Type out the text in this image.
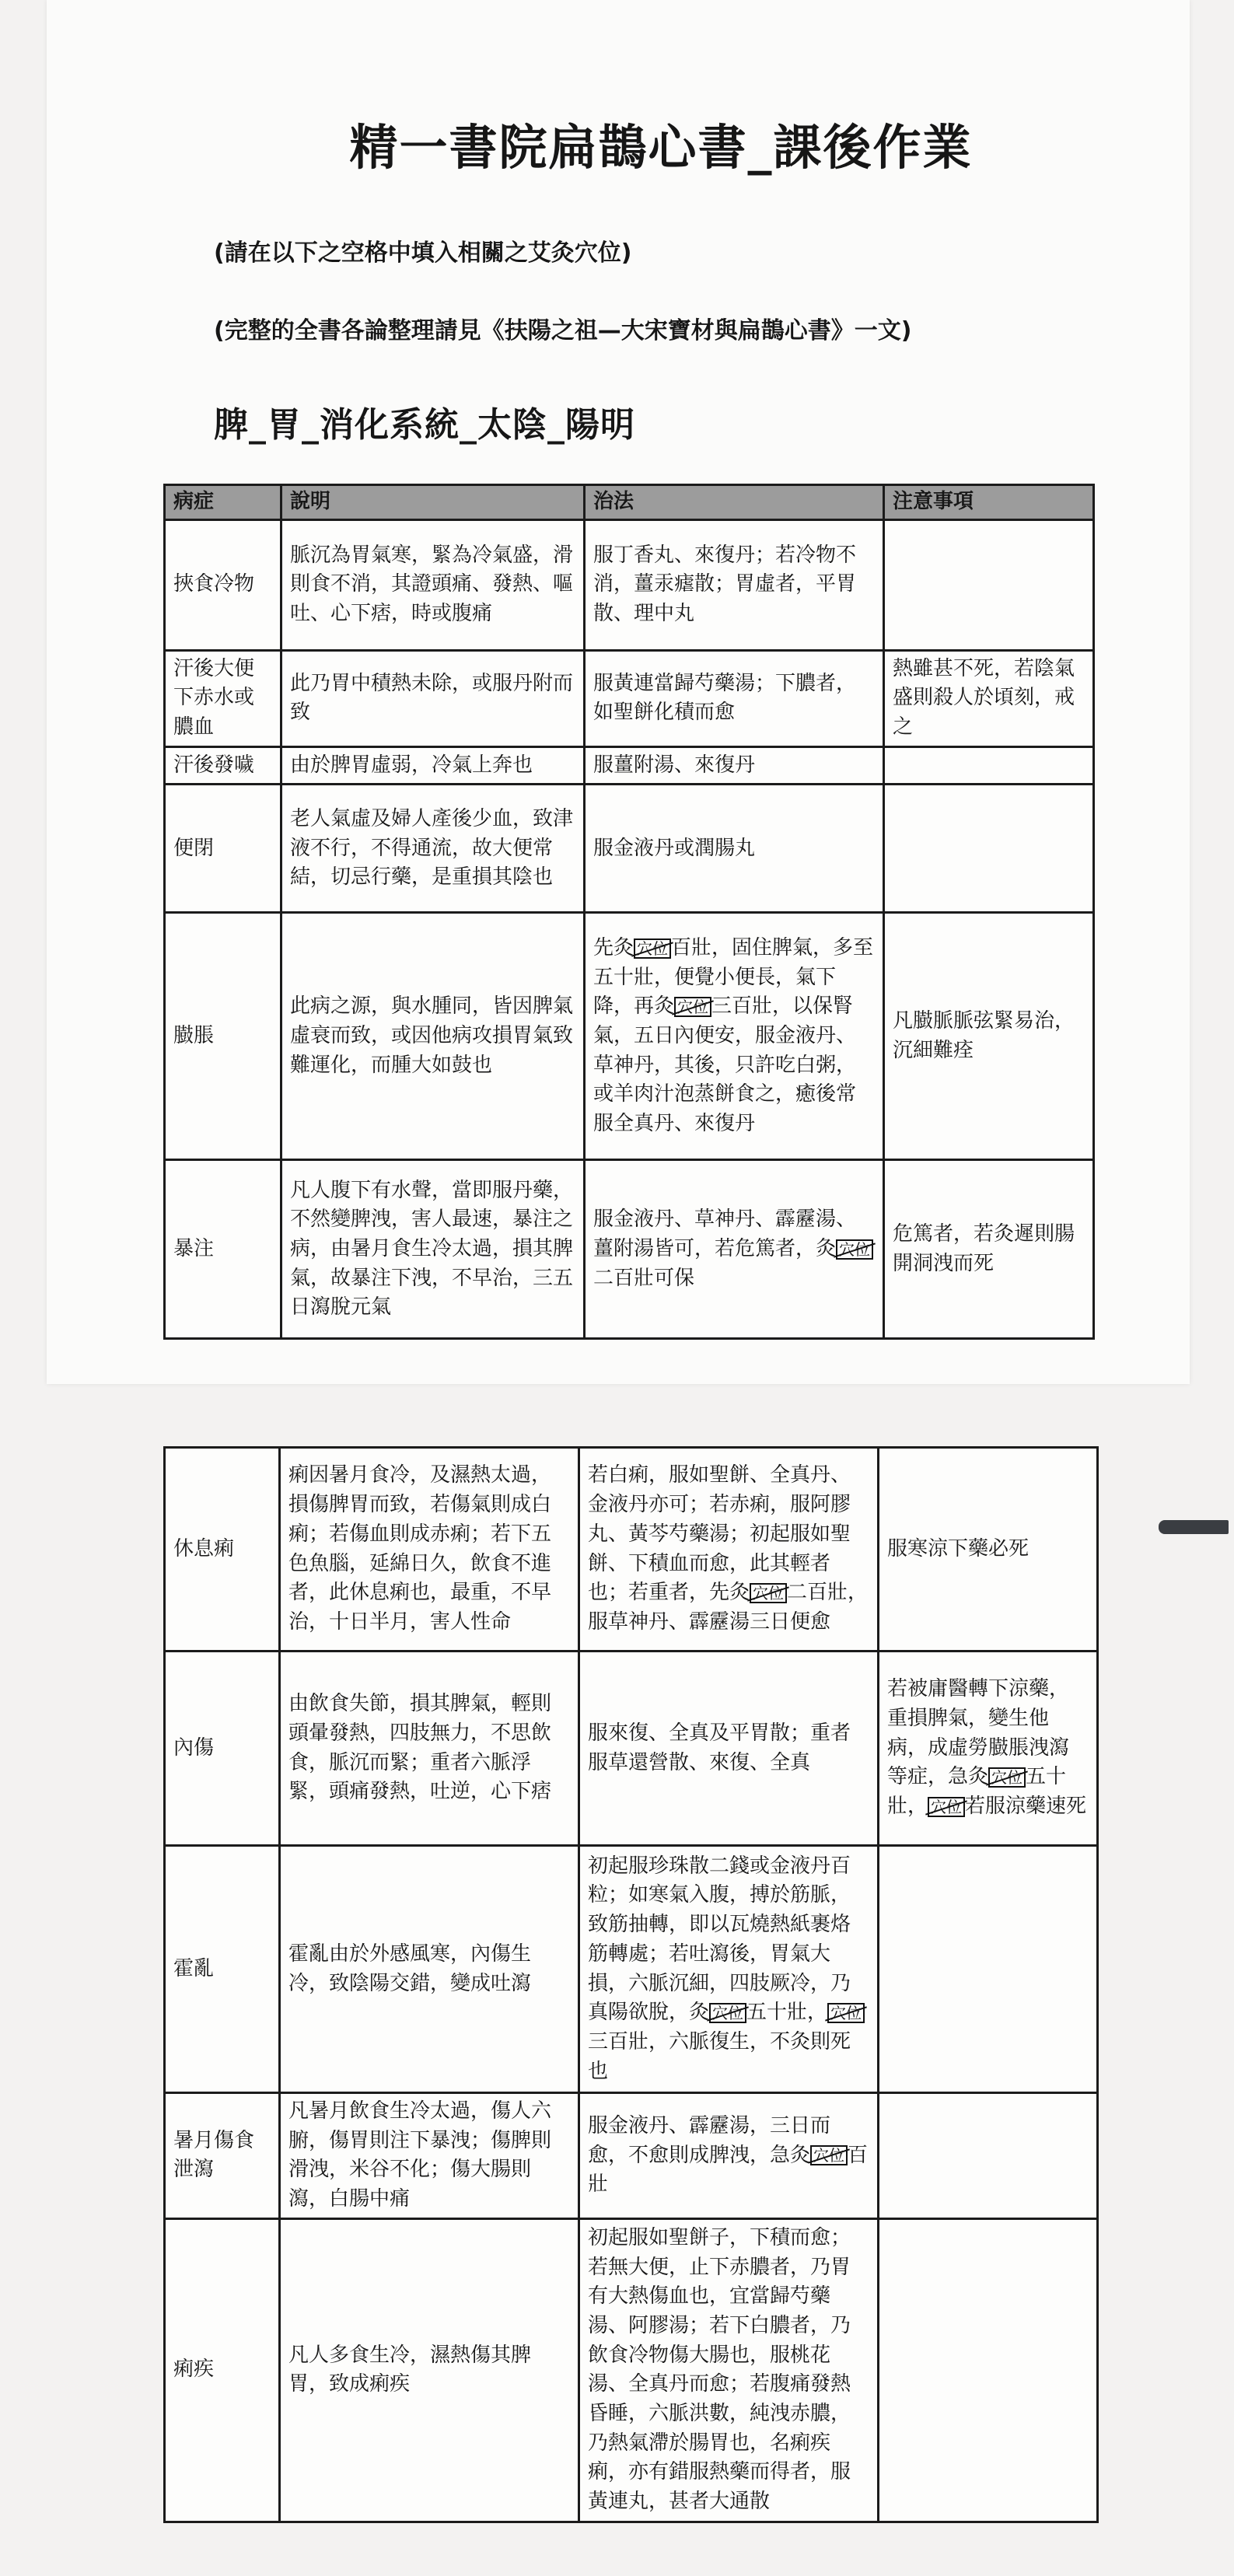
精一書院扁鵲心書_課後作業
(請在以下之空格中填入相關之艾灸穴位)
(完整的全書各論整理請見《扶陽之祖—大宋寶材與扁鵲心書》一文)
脾_胃_消化系統_太陰_陽明
病症	說明	治法	注意事項
挾食冷物	脈沉為胃氣寒，緊為冷氣盛，滑則食不消，其證頭痛、發熱、嘔吐、心下痞，時或腹痛	服丁香丸、來復丹；若冷物不消，薑汞瘧散；胃虛者，平胃散、理中丸	
汗後大便下赤水或膿血	此乃胃中積熱未除，或服丹附而致	服黃連當歸芍藥湯；下膿者，如聖餅化積而愈	熱雖甚不死，若陰氣盛則殺人於頃刻，戒之
汗後發噦	由於脾胃虛弱，冷氣上奔也	服薑附湯、來復丹	
便閉	老人氣虛及婦人產後少血，致津液不行，不得通流，故大便常結，切忌行藥，是重損其陰也	服金液丹或潤腸丸	
臌脹	此病之源，與水腫同，皆因脾氣虛衰而致，或因他病攻損胃氣致難運化，而腫大如鼓也	先灸 穴位 百壯，固住脾氣，多至五十壯，便覺小便長，氣下降，再灸 穴位 三百壯，以保腎氣，五日內便安，服金液丹、草神丹，其後，只許吃白粥，或羊肉汁泡蒸餅食之，癒後常服全真丹、來復丹	凡臌脈脈弦緊易治，沉細難痊
暴注	凡人腹下有水聲，當即服丹藥，不然變脾洩，害人最速，暴注之病，由暑月食生冷太過，損其脾氣，故暴注下洩，不早治，三五日瀉脫元氣	服金液丹、草神丹、霹靂湯、薑附湯皆可，若危篤者，灸 穴位二百壯可保	危篤者，若灸遲則腸開洞洩而死
休息痢	痢因暑月食冷，及濕熱太過，損傷脾胃而致，若傷氣則成白痢；若傷血則成赤痢；若下五色魚腦，延綿日久，飲食不進者，此休息痢也，最重，不早治，十日半月，害人性命	若白痢，服如聖餅、全真丹、金液丹亦可；若赤痢，服阿膠丸、黃芩芍藥湯；初起服如聖餅、下積血而愈，此其輕者也；若重者，先灸 穴位 二百壯，服草神丹、霹靂湯三日便愈	服寒涼下藥必死
內傷	由飲食失節，損其脾氣，輕則頭暈發熱，四肢無力，不思飲食，脈沉而緊；重者六脈浮緊，頭痛發熱，吐逆，心下痞	服來復、全真及平胃散；重者服草還營散、來復、全真	若被庸醫轉下涼藥，重損脾氣，變生他病，成虛勞臌脹洩瀉等症，急灸 穴位 五十壯， 穴位 若服涼藥速死
霍亂	霍亂由於外感風寒，內傷生冷，致陰陽交錯，變成吐瀉	初起服珍珠散二錢或金液丹百粒；如寒氣入腹，搏於筋脈，致筋抽轉，即以瓦燒熱紙裹烙筋轉處；若吐瀉後，胃氣大損，六脈沉細，四肢厥冷，乃真陽欲脫，灸 穴位 五十壯， 穴位三百壯，六脈復生，不灸則死也	
暑月傷食泄瀉	凡暑月飲食生冷太過，傷人六腑，傷胃則注下暴洩；傷脾則滑洩，米谷不化；傷大腸則瀉，白腸中痛	服金液丹、霹靂湯，三日而愈，不愈則成脾洩，急灸 穴位 百壯	
痢疾	凡人多食生冷，濕熱傷其脾胃，致成痢疾	初起服如聖餅子，下積而愈；若無大便，止下赤膿者，乃胃有大熱傷血也，宜當歸芍藥湯、阿膠湯；若下白膿者，乃飲食冷物傷大腸也，服桃花湯、全真丹而愈；若腹痛發熱昏睡，六脈洪數，純洩赤膿，乃熱氣滯於腸胃也，名痢疾痢，亦有錯服熱藥而得者，服黃連丸，甚者大通散	
